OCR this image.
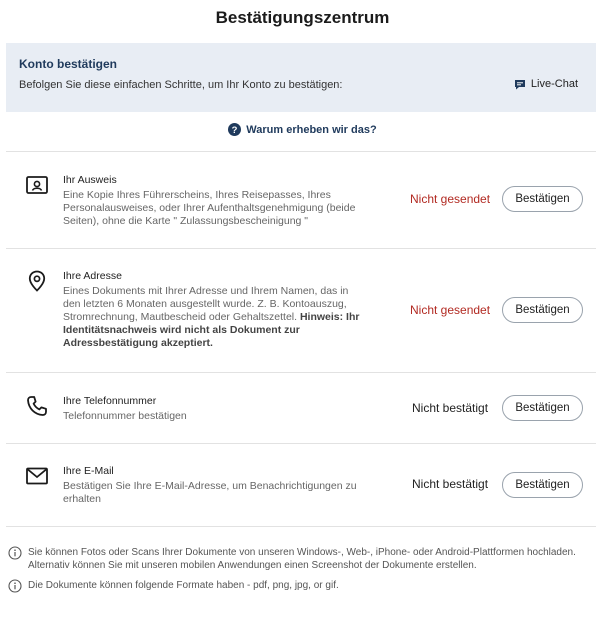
Bestätigungszentrum
Konto bestätigen
Befolgen Sie diese einfachen Schritte, um Ihr Konto zu bestätigen:	Live-Chat
? Warum erheben wir das?
Ihr Ausweis
Eine Kopie Ihres Führerscheins, Ihres Reisepasses, Ihres Personalausweises, oder Ihrer Aufenthaltsgenehmigung (beide Seiten), ohne die Karte " Zulassungsbescheinigung "
Nicht gesendet	Bestätigen
Ihre Adresse
Eines Dokuments mit Ihrer Adresse und Ihrem Namen, das in den letzten 6 Monaten ausgestellt wurde. Z. B. Kontoauszug, Stromrechnung, Mautbescheid oder Gehaltszettel. Hinweis: Ihr Identitätsnachweis wird nicht als Dokument zur Adressbestätigung akzeptiert.
Nicht gesendet	Bestätigen
Ihre Telefonnummer
Telefonnummer bestätigen
Nicht bestätigt	Bestätigen
Ihre E-Mail
Bestätigen Sie Ihre E-Mail-Adresse, um Benachrichtigungen zu erhalten
Nicht bestätigt	Bestätigen
Sie können Fotos oder Scans Ihrer Dokumente von unseren Windows-, Web-, iPhone- oder Android-Plattformen hochladen. Alternativ können Sie mit unseren mobilen Anwendungen einen Screenshot der Dokumente erstellen.
Die Dokumente können folgende Formate haben - pdf, png, jpg, or gif.
